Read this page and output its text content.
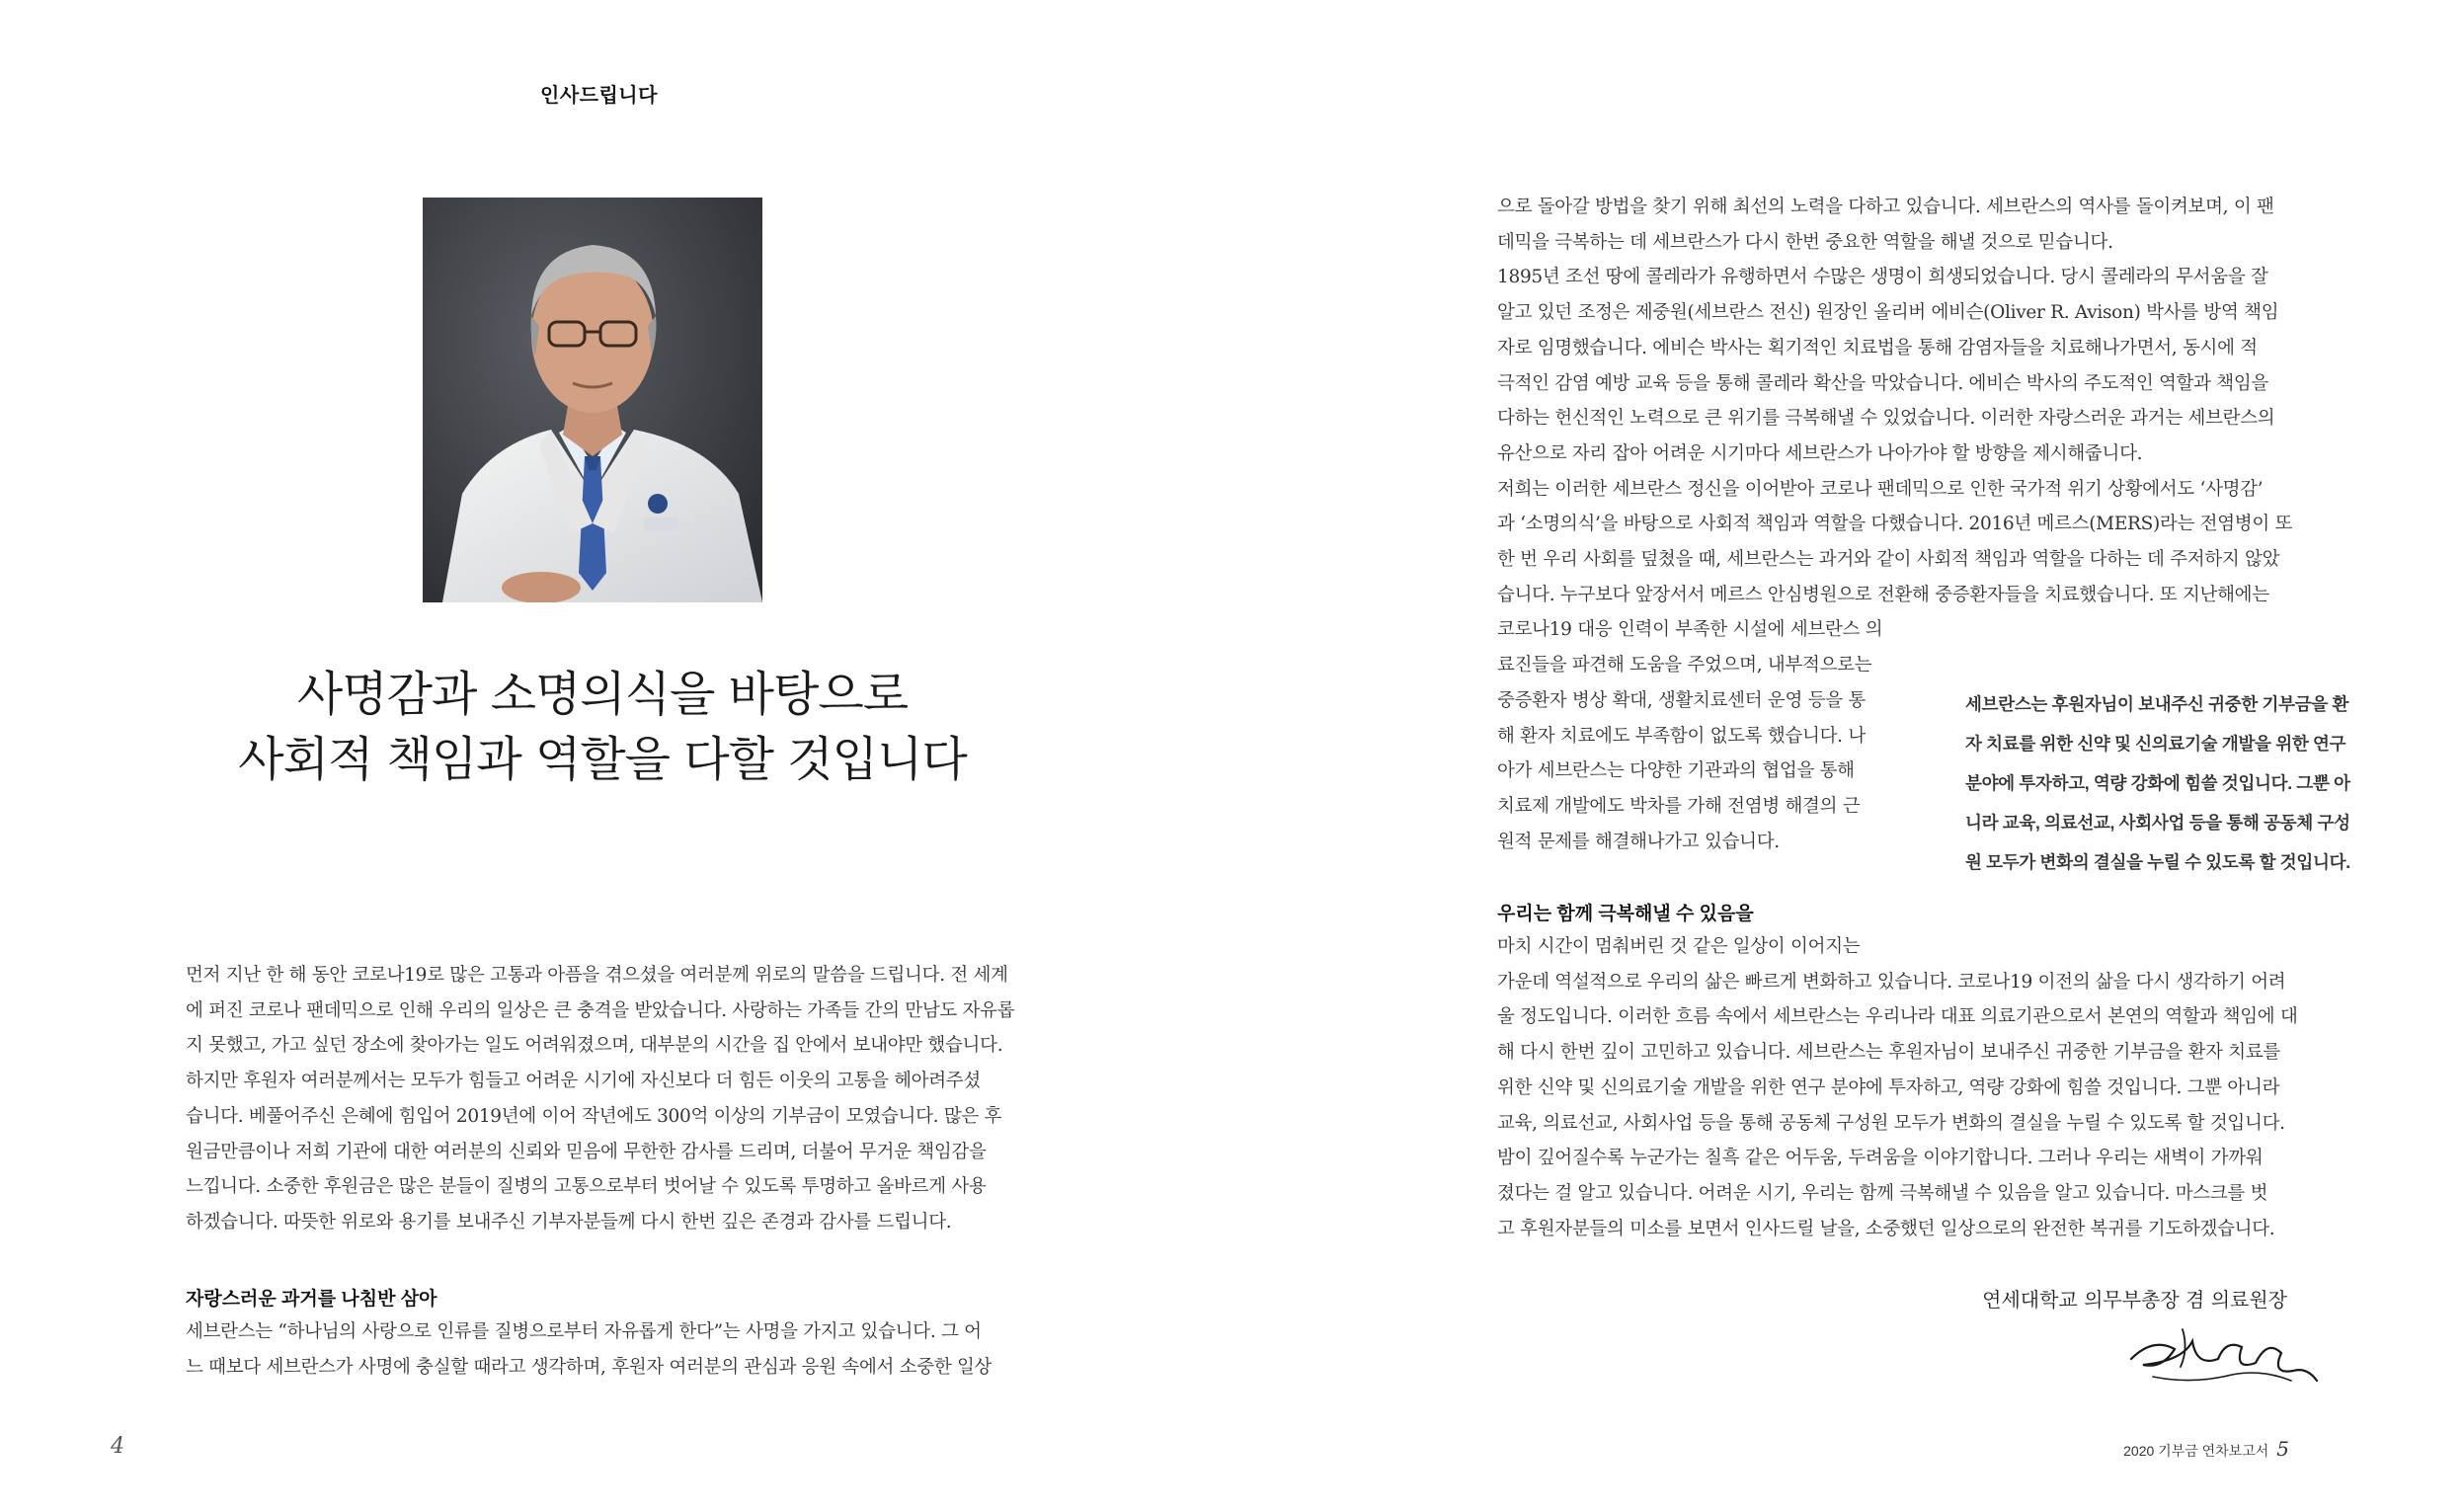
인사드립니다
사명감과 소명의식을 바탕으로
사회적 책임과 역할을 다할 것입니다
먼저 지난 한 해 동안 코로나19로 많은 고통과 아픔을 겪으셨을 여러분께 위로의 말씀을 드립니다. 전 세계
에 퍼진 코로나 팬데믹으로 인해 우리의 일상은 큰 충격을 받았습니다. 사랑하는 가족들 간의 만남도 자유롭
지 못했고, 가고 싶던 장소에 찾아가는 일도 어려워졌으며, 대부분의 시간을 집 안에서 보내야만 했습니다.
하지만 후원자 여러분께서는 모두가 힘들고 어려운 시기에 자신보다 더 힘든 이웃의 고통을 헤아려주셨
습니다. 베풀어주신 은혜에 힘입어 2019년에 이어 작년에도 300억 이상의 기부금이 모였습니다. 많은 후
원금만큼이나 저희 기관에 대한 여러분의 신뢰와 믿음에 무한한 감사를 드리며, 더불어 무거운 책임감을
느낍니다. 소중한 후원금은 많은 분들이 질병의 고통으로부터 벗어날 수 있도록 투명하고 올바르게 사용
하겠습니다. 따뜻한 위로와 용기를 보내주신 기부자분들께 다시 한번 깊은 존경과 감사를 드립니다.
자랑스러운 과거를 나침반 삼아
세브란스는 “하나님의 사랑으로 인류를 질병으로부터 자유롭게 한다”는 사명을 가지고 있습니다. 그 어
느 때보다 세브란스가 사명에 충실할 때라고 생각하며, 후원자 여러분의 관심과 응원 속에서 소중한 일상
4
으로 돌아갈 방법을 찾기 위해 최선의 노력을 다하고 있습니다. 세브란스의 역사를 돌이켜보며, 이 팬
데믹을 극복하는 데 세브란스가 다시 한번 중요한 역할을 해낼 것으로 믿습니다.
1895년 조선 땅에 콜레라가 유행하면서 수많은 생명이 희생되었습니다. 당시 콜레라의 무서움을 잘
알고 있던 조정은 제중원(세브란스 전신) 원장인 올리버 에비슨(Oliver R. Avison) 박사를 방역 책임
자로 임명했습니다. 에비슨 박사는 획기적인 치료법을 통해 감염자들을 치료해나가면서, 동시에 적
극적인 감염 예방 교육 등을 통해 콜레라 확산을 막았습니다. 에비슨 박사의 주도적인 역할과 책임을
다하는 헌신적인 노력으로 큰 위기를 극복해낼 수 있었습니다. 이러한 자랑스러운 과거는 세브란스의
유산으로 자리 잡아 어려운 시기마다 세브란스가 나아가야 할 방향을 제시해줍니다.
저희는 이러한 세브란스 정신을 이어받아 코로나 팬데믹으로 인한 국가적 위기 상황에서도 ‘사명감’
과 ‘소명의식’을 바탕으로 사회적 책임과 역할을 다했습니다. 2016년 메르스(MERS)라는 전염병이 또
한 번 우리 사회를 덮쳤을 때, 세브란스는 과거와 같이 사회적 책임과 역할을 다하는 데 주저하지 않았
습니다. 누구보다 앞장서서 메르스 안심병원으로 전환해 중증환자들을 치료했습니다. 또 지난해에는
코로나19 대응 인력이 부족한 시설에 세브란스 의
료진들을 파견해 도움을 주었으며, 내부적으로는
중증환자 병상 확대, 생활치료센터 운영 등을 통
해 환자 치료에도 부족함이 없도록 했습니다. 나
아가 세브란스는 다양한 기관과의 협업을 통해
치료제 개발에도 박차를 가해 전염병 해결의 근
원적 문제를 해결해나가고 있습니다.
세브란스는 후원자님이 보내주신 귀중한 기부금을 환
자 치료를 위한 신약 및 신의료기술 개발을 위한 연구
분야에 투자하고, 역량 강화에 힘쓸 것입니다. 그뿐 아
니라 교육, 의료선교, 사회사업 등을 통해 공동체 구성
원 모두가 변화의 결실을 누릴 수 있도록 할 것입니다.
우리는 함께 극복해낼 수 있음을
마치 시간이 멈춰버린 것 같은 일상이 이어지는
가운데 역설적으로 우리의 삶은 빠르게 변화하고 있습니다. 코로나19 이전의 삶을 다시 생각하기 어려
울 정도입니다. 이러한 흐름 속에서 세브란스는 우리나라 대표 의료기관으로서 본연의 역할과 책임에 대
해 다시 한번 깊이 고민하고 있습니다. 세브란스는 후원자님이 보내주신 귀중한 기부금을 환자 치료를
위한 신약 및 신의료기술 개발을 위한 연구 분야에 투자하고, 역량 강화에 힘쓸 것입니다. 그뿐 아니라
교육, 의료선교, 사회사업 등을 통해 공동체 구성원 모두가 변화의 결실을 누릴 수 있도록 할 것입니다.
밤이 깊어질수록 누군가는 칠흑 같은 어두움, 두려움을 이야기합니다. 그러나 우리는 새벽이 가까워
졌다는 걸 알고 있습니다. 어려운 시기, 우리는 함께 극복해낼 수 있음을 알고 있습니다. 마스크를 벗
고 후원자분들의 미소를 보면서 인사드릴 날을, 소중했던 일상으로의 완전한 복귀를 기도하겠습니다.
연세대학교 의무부총장 겸 의료원장
2020 기부금 연차보고서 5
